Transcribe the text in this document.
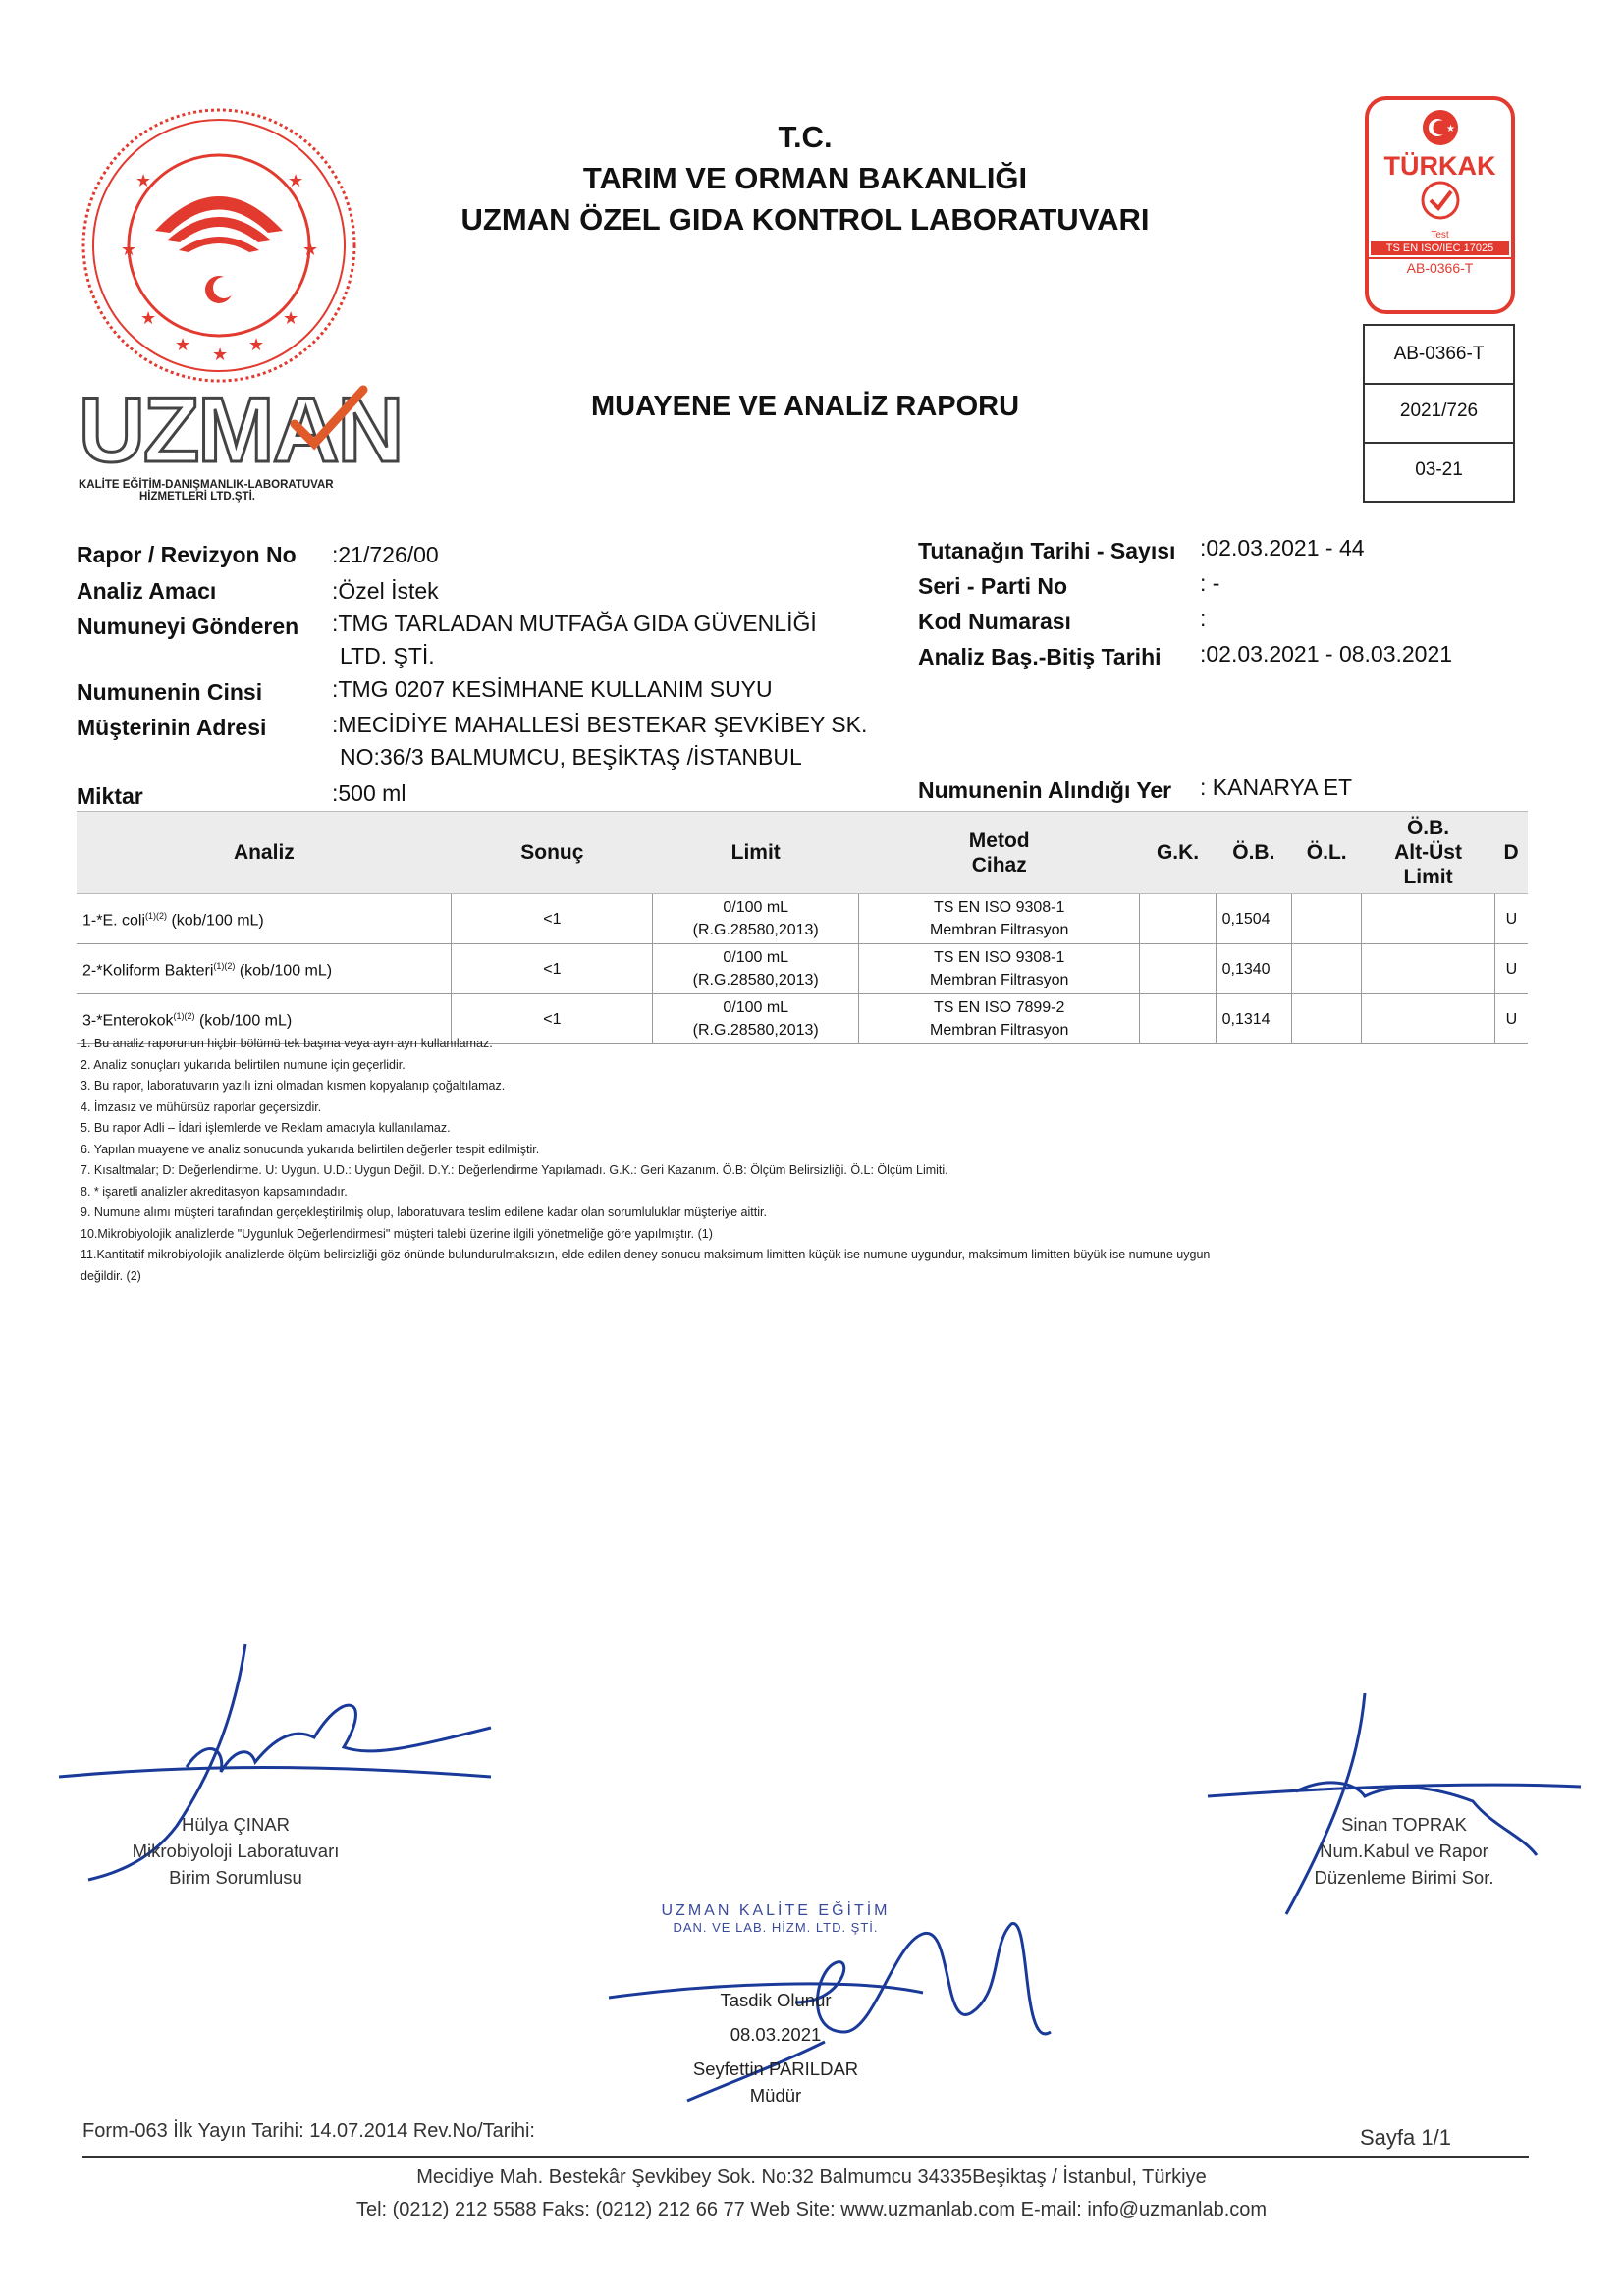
★	★
★	★
★	★
★
★	★
UZMAN
KALİTE EĞİTİM-DANIŞMANLIK-LABORATUVAR
HİZMETLERİ LTD.ŞTİ.
T.C.
TARIM VE ORMAN BAKANLIĞI
UZMAN ÖZEL GIDA KONTROL LABORATUVARI
MUAYENE VE ANALİZ RAPORU
★
TÜRKAK
Test
TS EN ISO/IEC 17025
AB-0366-T
AB-0366-T
2021/726
03-21
Rapor / Revizyon No :21/726/00
Analiz Amacı	:Özel İstek
Numuneyi Gönderen :TMG TARLADAN MUTFAĞA GIDA GÜVENLİĞİ
LTD. ŞTİ.
Numunenin Cinsi	:TMG 0207 KESİMHANE KULLANIM SUYU
Müşterinin Adresi	:MECİDİYE MAHALLESİ BESTEKAR ŞEVKİBEY SK.
NO:36/3 BALMUMCU, BEŞİKTAŞ /İSTANBUL
Miktar	:500 ml
Tutanağın Tarihi - Sayısı :02.03.2021 - 44
Seri - Parti No	: -
Kod Numarası	:
Analiz Baş.-Bitiş Tarihi :02.03.2021 - 08.03.2021
Numunenin Alındığı Yer : KANARYA ET
Analiz	Sonuç	Limit	Metod
Cihaz	G.K.	Ö.B.	Ö.L.	Ö.B.
Alt-Üst Limit	D
1-*E. coli$^{(1)(2)}$ (kob/100 mL)	<1	0/100 mL
(R.G.28580,2013)	TS EN ISO 9308-1
Membran Filtrasyon		0,1504			U
2-*Koliform Bakteri$^{(1)(2)}$ (kob/100 mL)	<1	0/100 mL
(R.G.28580,2013)	TS EN ISO 9308-1
Membran Filtrasyon		0,1340			U
3-*Enterokok$^{(1)(2)}$ (kob/100 mL)	<1	0/100 mL
(R.G.28580,2013)	TS EN ISO 7899-2
Membran Filtrasyon		0,1314			U
1. Bu analiz raporunun hiçbir bölümü tek başına veya ayrı ayrı kullanılamaz.
2. Analiz sonuçları yukarıda belirtilen numune için geçerlidir.
3. Bu rapor, laboratuvarın yazılı izni olmadan kısmen kopyalanıp çoğaltılamaz.
4. İmzasız ve mühürsüz raporlar geçersizdir.
5. Bu rapor Adli – İdari işlemlerde ve Reklam amacıyla kullanılamaz.
6. Yapılan muayene ve analiz sonucunda yukarıda belirtilen değerler tespit edilmiştir.
7. Kısaltmalar; D: Değerlendirme. U: Uygun. U.D.: Uygun Değil. D.Y.: Değerlendirme Yapılamadı. G.K.: Geri Kazanım. Ö.B: Ölçüm Belirsizliği. Ö.L: Ölçüm Limiti.
8. * işaretli analizler akreditasyon kapsamındadır.
9. Numune alımı müşteri tarafından gerçekleştirilmiş olup, laboratuvara teslim edilene kadar olan sorumluluklar müşteriye aittir.
10.Mikrobiyolojik analizlerde "Uygunluk Değerlendirmesi" müşteri talebi üzerine ilgili yönetmeliğe göre yapılmıştır. (1)
11.Kantitatif mikrobiyolojik analizlerde ölçüm belirsizliği göz önünde bulundurulmaksızın, elde edilen deney sonucu maksimum limitten küçük ise numune uygundur, maksimum limitten büyük ise numune uygun
değildir. (2)
Hülya ÇINAR
Mikrobiyoloji Laboratuvarı
Birim Sorumlusu
Sinan TOPRAK
Num.Kabul ve Rapor
Düzenleme Birimi Sor.
UZMAN KALİTE EĞİTİM
DAN. VE LAB. HİZM. LTD. ŞTİ.
Tasdik Olunur
08.03.2021
Seyfettin PARILDAR
Müdür
Form-063 İlk Yayın Tarihi: 14.07.2014 Rev.No/Tarihi:	Sayfa 1/1
Mecidiye Mah. Bestekâr Şevkibey Sok. No:32 Balmumcu 34335Beşiktaş / İstanbul, Türkiye
Tel: (0212) 212 5588 Faks: (0212) 212 66 77 Web Site: www.uzmanlab.com E-mail: info@uzmanlab.com
